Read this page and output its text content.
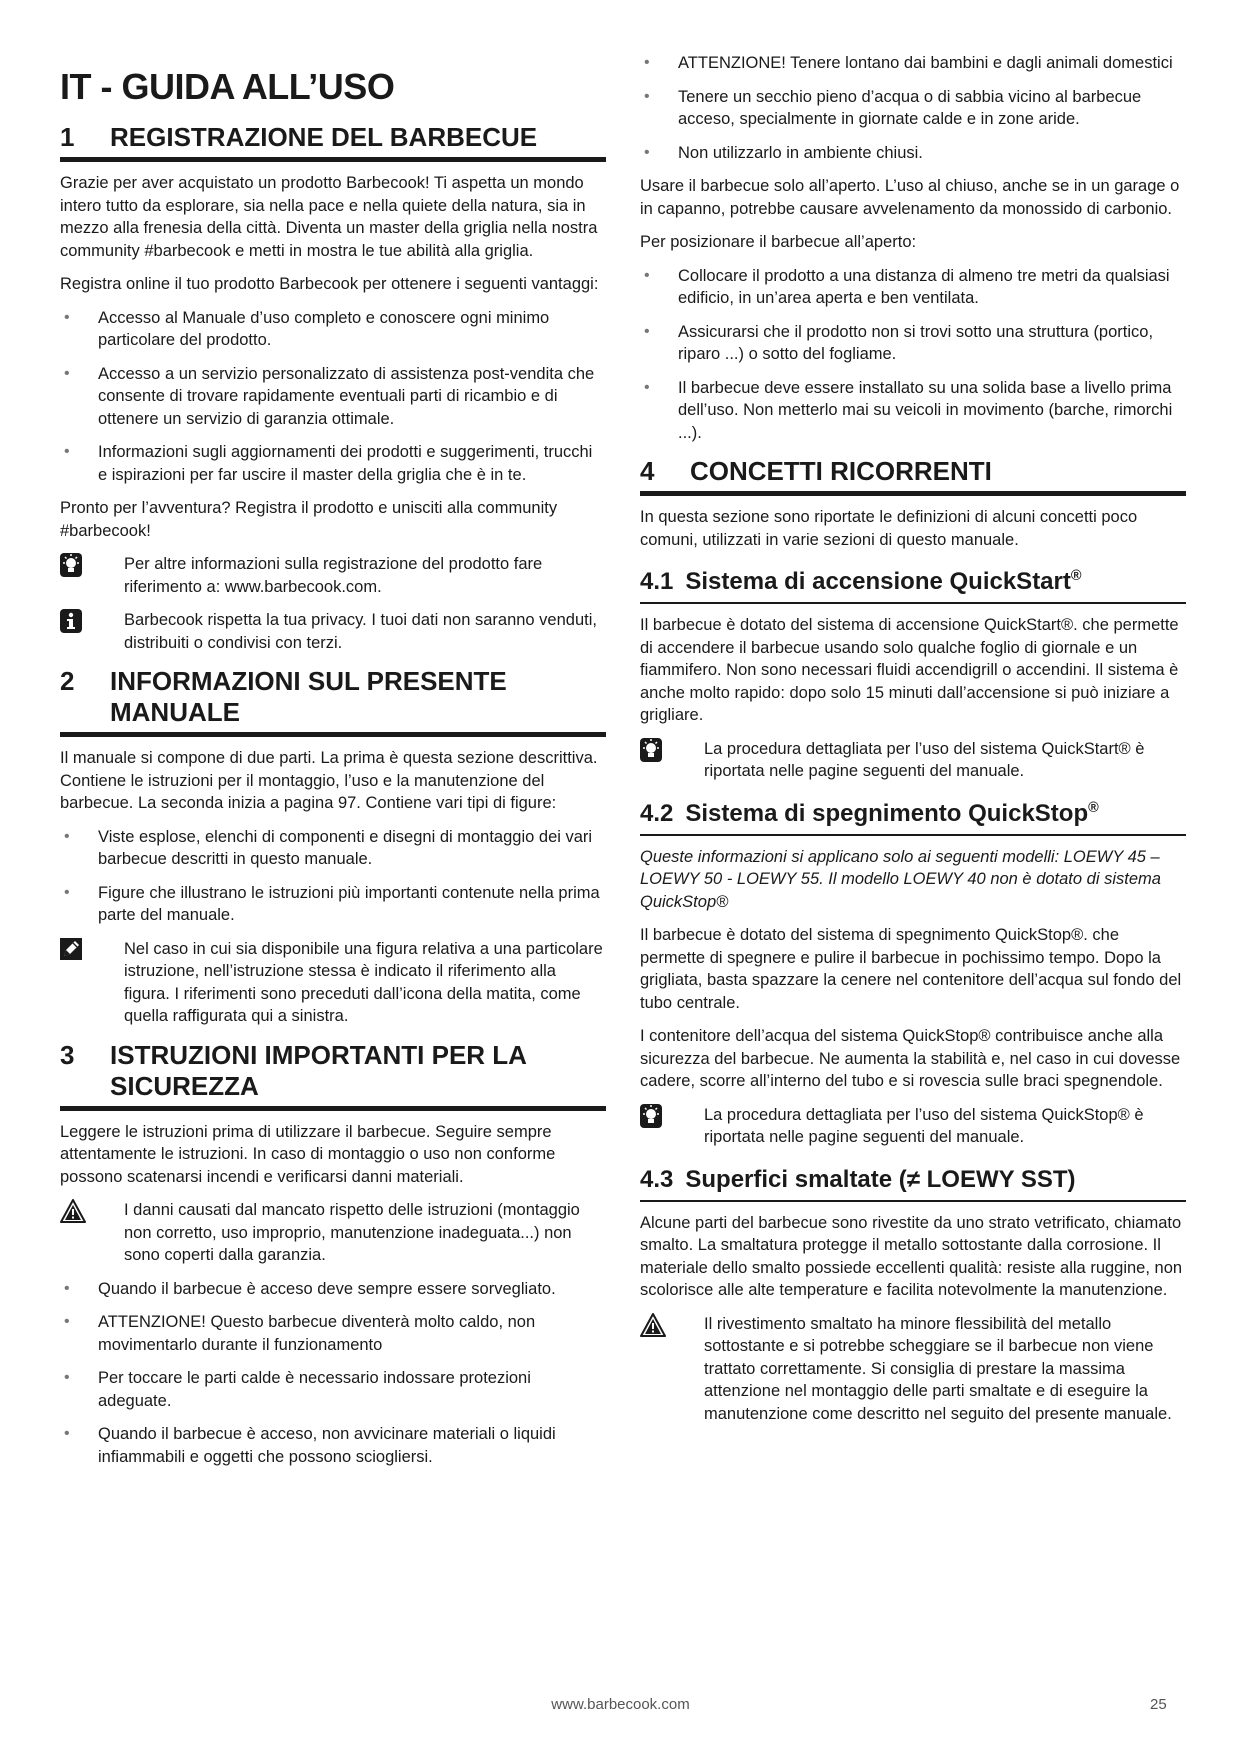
IT - GUIDA ALL’USO
1	REGISTRAZIONE DEL BARBECUE

Grazie per aver acquistato un prodotto Barbecook! Ti aspetta un mondo intero tutto da esplorare, sia nella pace e nella quiete della natura, sia in mezzo alla frenesia della città. Diventa un master della griglia nella nostra community #barbecook e metti in mostra le tue abilità alla griglia.

Registra online il tuo prodotto Barbecook per ottenere i seguenti vantaggi:

• Accesso al Manuale d’uso completo e conoscere ogni minimo particolare del prodotto.
• Accesso a un servizio personalizzato di assistenza post-vendita che consente di trovare rapidamente eventuali parti di ricambio e di ottenere un servizio di garanzia ottimale.
• Informazioni sugli aggiornamenti dei prodotti e suggerimenti, trucchi e ispirazioni per far uscire il master della griglia che è in te.

Pronto per l’avventura? Registra il prodotto e unisciti alla community #barbecook!

Per altre informazioni sulla registrazione del prodotto fare riferimento a: www.barbecook.com.
Barbecook rispetta la tua privacy. I tuoi dati non saranno venduti, distribuiti o condivisi con terzi.
2	INFORMAZIONI SUL PRESENTE
MANUALE

Il manuale si compone di due parti. La prima è questa sezione descrittiva. Contiene le istruzioni per il montaggio, l’uso e la manutenzione del barbecue. La seconda inizia a pagina 97. Contiene vari tipi di figure:

• Viste esplose, elenchi di componenti e disegni di montaggio dei vari barbecue descritti in questo manuale.
• Figure che illustrano le istruzioni più importanti contenute nella prima parte del manuale.
Nel caso in cui sia disponibile una figura relativa a una particolare istruzione, nell’istruzione stessa è indicato il riferimento alla figura. I riferimenti sono preceduti dall’icona della matita, come quella raffigurata qui a sinistra.
3	ISTRUZIONI IMPORTANTI PER LA
SICUREZZA

Leggere le istruzioni prima di utilizzare il barbecue. Seguire sempre attentamente le istruzioni. In caso di montaggio o uso non conforme possono scatenarsi incendi e verificarsi danni materiali.

I danni causati dal mancato rispetto delle istruzioni (montaggio non corretto, uso improprio, manutenzione inadeguata...) non sono coperti dalla garanzia.
• Quando il barbecue è acceso deve sempre essere sorvegliato.
• ATTENZIONE! Questo barbecue diventerà molto caldo, non movimentarlo durante il funzionamento
• Per toccare le parti calde è necessario indossare protezioni adeguate.
• Quando il barbecue è acceso, non avvicinare materiali o liquidi infiammabili e oggetti che possono sciogliersi.
• ATTENZIONE! Tenere lontano dai bambini e dagli animali domestici
• Tenere un secchio pieno d’acqua o di sabbia vicino al barbecue acceso, specialmente in giornate calde e in zone aride.
• Non utilizzarlo in ambiente chiusi.

Usare il barbecue solo all’aperto. L’uso al chiuso, anche se in un garage o in capanno, potrebbe causare avvelenamento da monossido di carbonio.

Per posizionare il barbecue all’aperto:

• Collocare il prodotto a una distanza di almeno tre metri da qualsiasi edificio, in un’area aperta e ben ventilata.
• Assicurarsi che il prodotto non si trovi sotto una struttura (portico, riparo ...) o sotto del fogliame.
• Il barbecue deve essere installato su una solida base a livello prima dell’uso. Non metterlo mai su veicoli in movimento (barche, rimorchi ...).
4	CONCETTI RICORRENTI

In questa sezione sono riportate le definizioni di alcuni concetti poco comuni, utilizzati in varie sezioni di questo manuale.

4.1 Sistema di accensione QuickStart®

Il barbecue è dotato del sistema di accensione QuickStart®. che permette di accendere il barbecue usando solo qualche foglio di giornale e un fiammifero. Non sono necessari fluidi accendigrill o accendini. Il sistema è anche molto rapido: dopo solo 15 minuti dall’accensione si può iniziare a grigliare.

La procedura dettagliata per l’uso del sistema QuickStart® è riportata nelle pagine seguenti del manuale.
4.2 Sistema di spegnimento QuickStop®

Queste informazioni si applicano solo ai seguenti modelli: LOEWY 45 – LOEWY 50 - LOEWY 55. Il modello LOEWY 40 non è dotato di sistema QuickStop®

Il barbecue è dotato del sistema di spegnimento QuickStop®. che permette di spegnere e pulire il barbecue in pochissimo tempo. Dopo la grigliata, basta spazzare la cenere nel contenitore dell’acqua sul fondo del tubo centrale.

I contenitore dell’acqua del sistema QuickStop® contribuisce anche alla sicurezza del barbecue. Ne aumenta la stabilità e, nel caso in cui dovesse cadere, scorre all’interno del tubo e si rovescia sulle braci spegnendole.

La procedura dettagliata per l’uso del sistema QuickStop® è riportata nelle pagine seguenti del manuale.
4.3 Superfici smaltate (≠ LOEWY SST)

Alcune parti del barbecue sono rivestite da uno strato vetrificato, chiamato smalto. La smaltatura protegge il metallo sottostante dalla corrosione. Il materiale dello smalto possiede eccellenti qualità: resiste alla ruggine, non scolorisce alle alte temperature e facilita notevolmente la manutenzione.

Il rivestimento smaltato ha minore flessibilità del metallo sottostante e si potrebbe scheggiare se il barbecue non viene trattato correttamente. Si consiglia di prestare la massima attenzione nel montaggio delle parti smaltate e di eseguire la manutenzione come descritto nel seguito del presente manuale.
www.barbecook.com	25
